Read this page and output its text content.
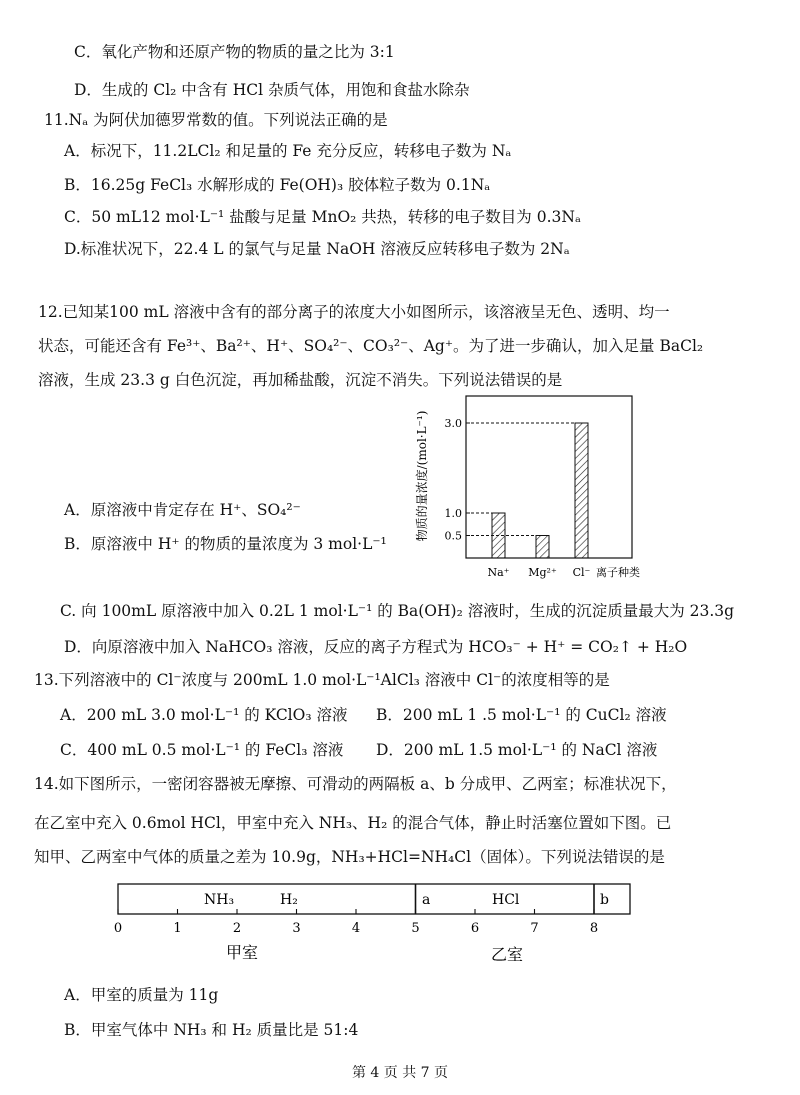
C．氧化产物和还原产物的物质的量之比为 3:1
D．生成的 Cl₂ 中含有 HCl 杂质气体，用饱和食盐水除杂
11.Nₐ 为阿伏加德罗常数的值。下列说法正确的是
A．标况下，11.2LCl₂ 和足量的 Fe 充分反应，转移电子数为 Nₐ
B．16.25g FeCl₃ 水解形成的 Fe(OH)₃ 胶体粒子数为 0.1Nₐ
C．50 mL12 mol·L⁻¹ 盐酸与足量 MnO₂ 共热，转移的电子数目为 0.3Nₐ
D.标准状况下，22.4 L 的氯气与足量 NaOH 溶液反应转移电子数为 2Nₐ
12.已知某100 mL 溶液中含有的部分离子的浓度大小如图所示，该溶液呈无色、透明、均一
状态，可能还含有 Fe³⁺、Ba²⁺、H⁺、SO₄²⁻、CO₃²⁻、Ag⁺。为了进一步确认，加入足量 BaCl₂
溶液，生成 23.3 g 白色沉淀，再加稀盐酸，沉淀不消失。下列说法错误的是
A．原溶液中肯定存在 H⁺、SO₄²⁻
B．原溶液中 H⁺ 的物质的量浓度为 3 mol·L⁻¹
物质的量浓度/(mol·L⁻¹)
Na⁺ Mg²⁺ Cl⁻
0.5
1.0
3.0
离子种类
C. 向 100mL 原溶液中加入 0.2L 1 mol·L⁻¹ 的 Ba(OH)₂ 溶液时，生成的沉淀质量最大为 23.3g
D．向原溶液中加入 NaHCO₃ 溶液，反应的离子方程式为 HCO₃⁻ + H⁺ = CO₂↑ + H₂O
13.下列溶液中的 Cl⁻浓度与 200mL 1.0 mol·L⁻¹AlCl₃ 溶液中 Cl⁻的浓度相等的是
A．200 mL 3.0 mol·L⁻¹ 的 KClO₃ 溶液 B．200 mL 1 .5 mol·L⁻¹ 的 CuCl₂ 溶液
C．400 mL 0.5 mol·L⁻¹ 的 FeCl₃ 溶液 D．200 mL 1.5 mol·L⁻¹ 的 NaCl 溶液
14.如下图所示，一密闭容器被无摩擦、可滑动的两隔板 a、b 分成甲、乙两室；标准状况下，
在乙室中充入 0.6mol HCl，甲室中充入 NH₃、H₂ 的混合气体，静止时活塞位置如下图。已
知甲、乙两室中气体的质量之差为 10.9g，NH₃+HCl=NH₄Cl（固体）。下列说法错误的是
0	1	2	3	4	5	6	7	8
a	b
NH₃	H₂	HCl
甲室	乙室
A．甲室的质量为 11g
B．甲室气体中 NH₃ 和 H₂ 质量比是 51:4
第 4 页 共 7 页
